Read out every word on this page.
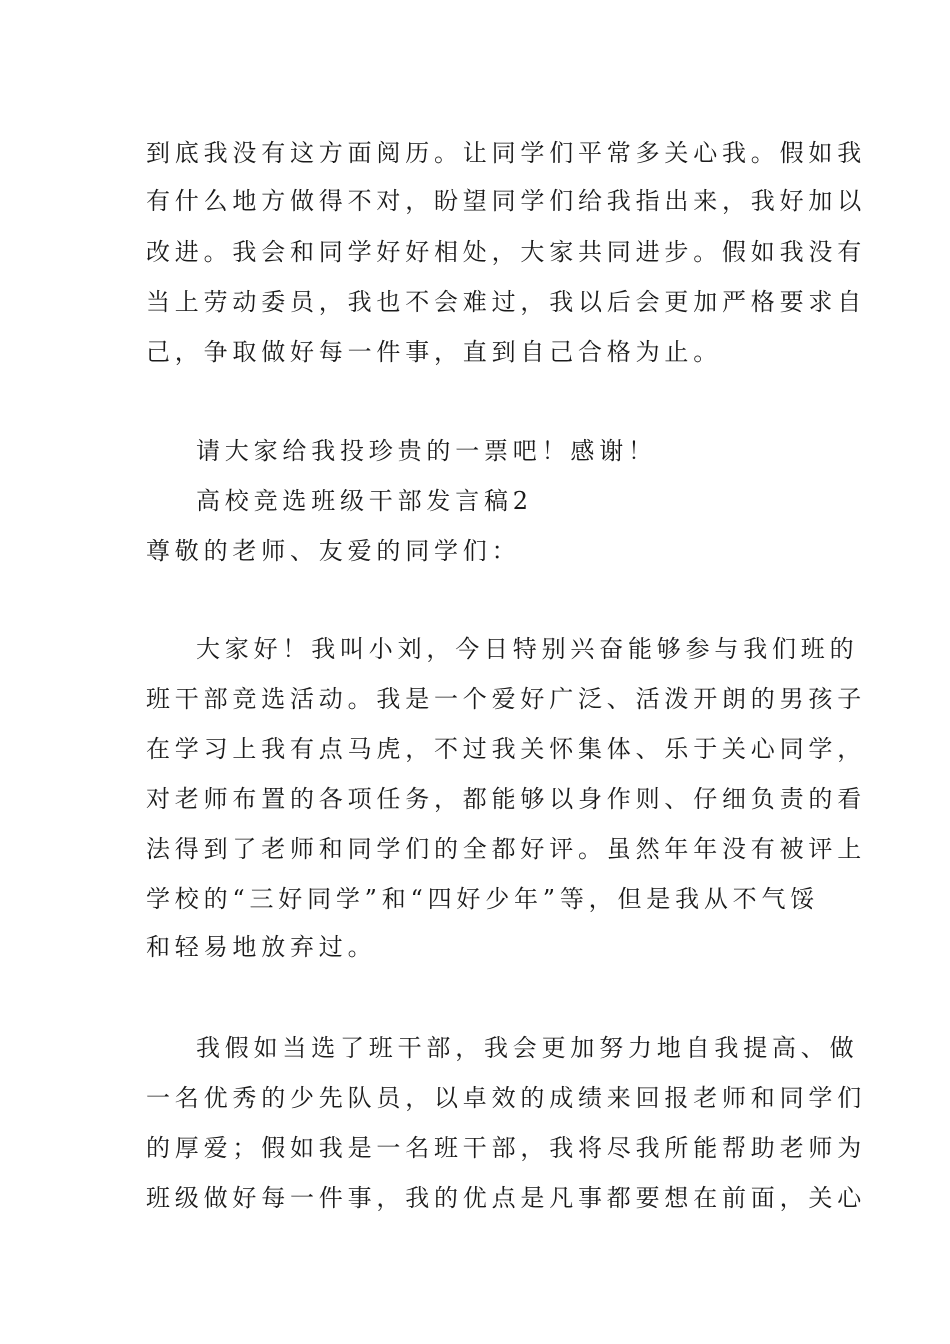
到底我没有这方面阅历。让同学们平常多关心我。假如我
有什么地方做得不对，盼望同学们给我指出来，我好加以
改进。我会和同学好好相处，大家共同进步。假如我没有
当上劳动委员，我也不会难过，我以后会更加严格要求自
己，争取做好每一件事，直到自己合格为止。
请大家给我投珍贵的一票吧！感谢！
高校竞选班级干部发言稿2
尊敬的老师、友爱的同学们：
大家好！我叫小刘，今日特别兴奋能够参与我们班的
班干部竞选活动。我是一个爱好广泛、活泼开朗的男孩子
在学习上我有点马虎，不过我关怀集体、乐于关心同学，
对老师布置的各项任务，都能够以身作则、仔细负责的看
法得到了老师和同学们的全都好评。虽然年年没有被评上
学校的“三好同学”和“四好少年”等，但是我从不气馁
和轻易地放弃过。
我假如当选了班干部，我会更加努力地自我提高、做
一名优秀的少先队员，以卓效的成绩来回报老师和同学们
的厚爱；假如我是一名班干部，我将尽我所能帮助老师为
班级做好每一件事，我的优点是凡事都要想在前面，关心
